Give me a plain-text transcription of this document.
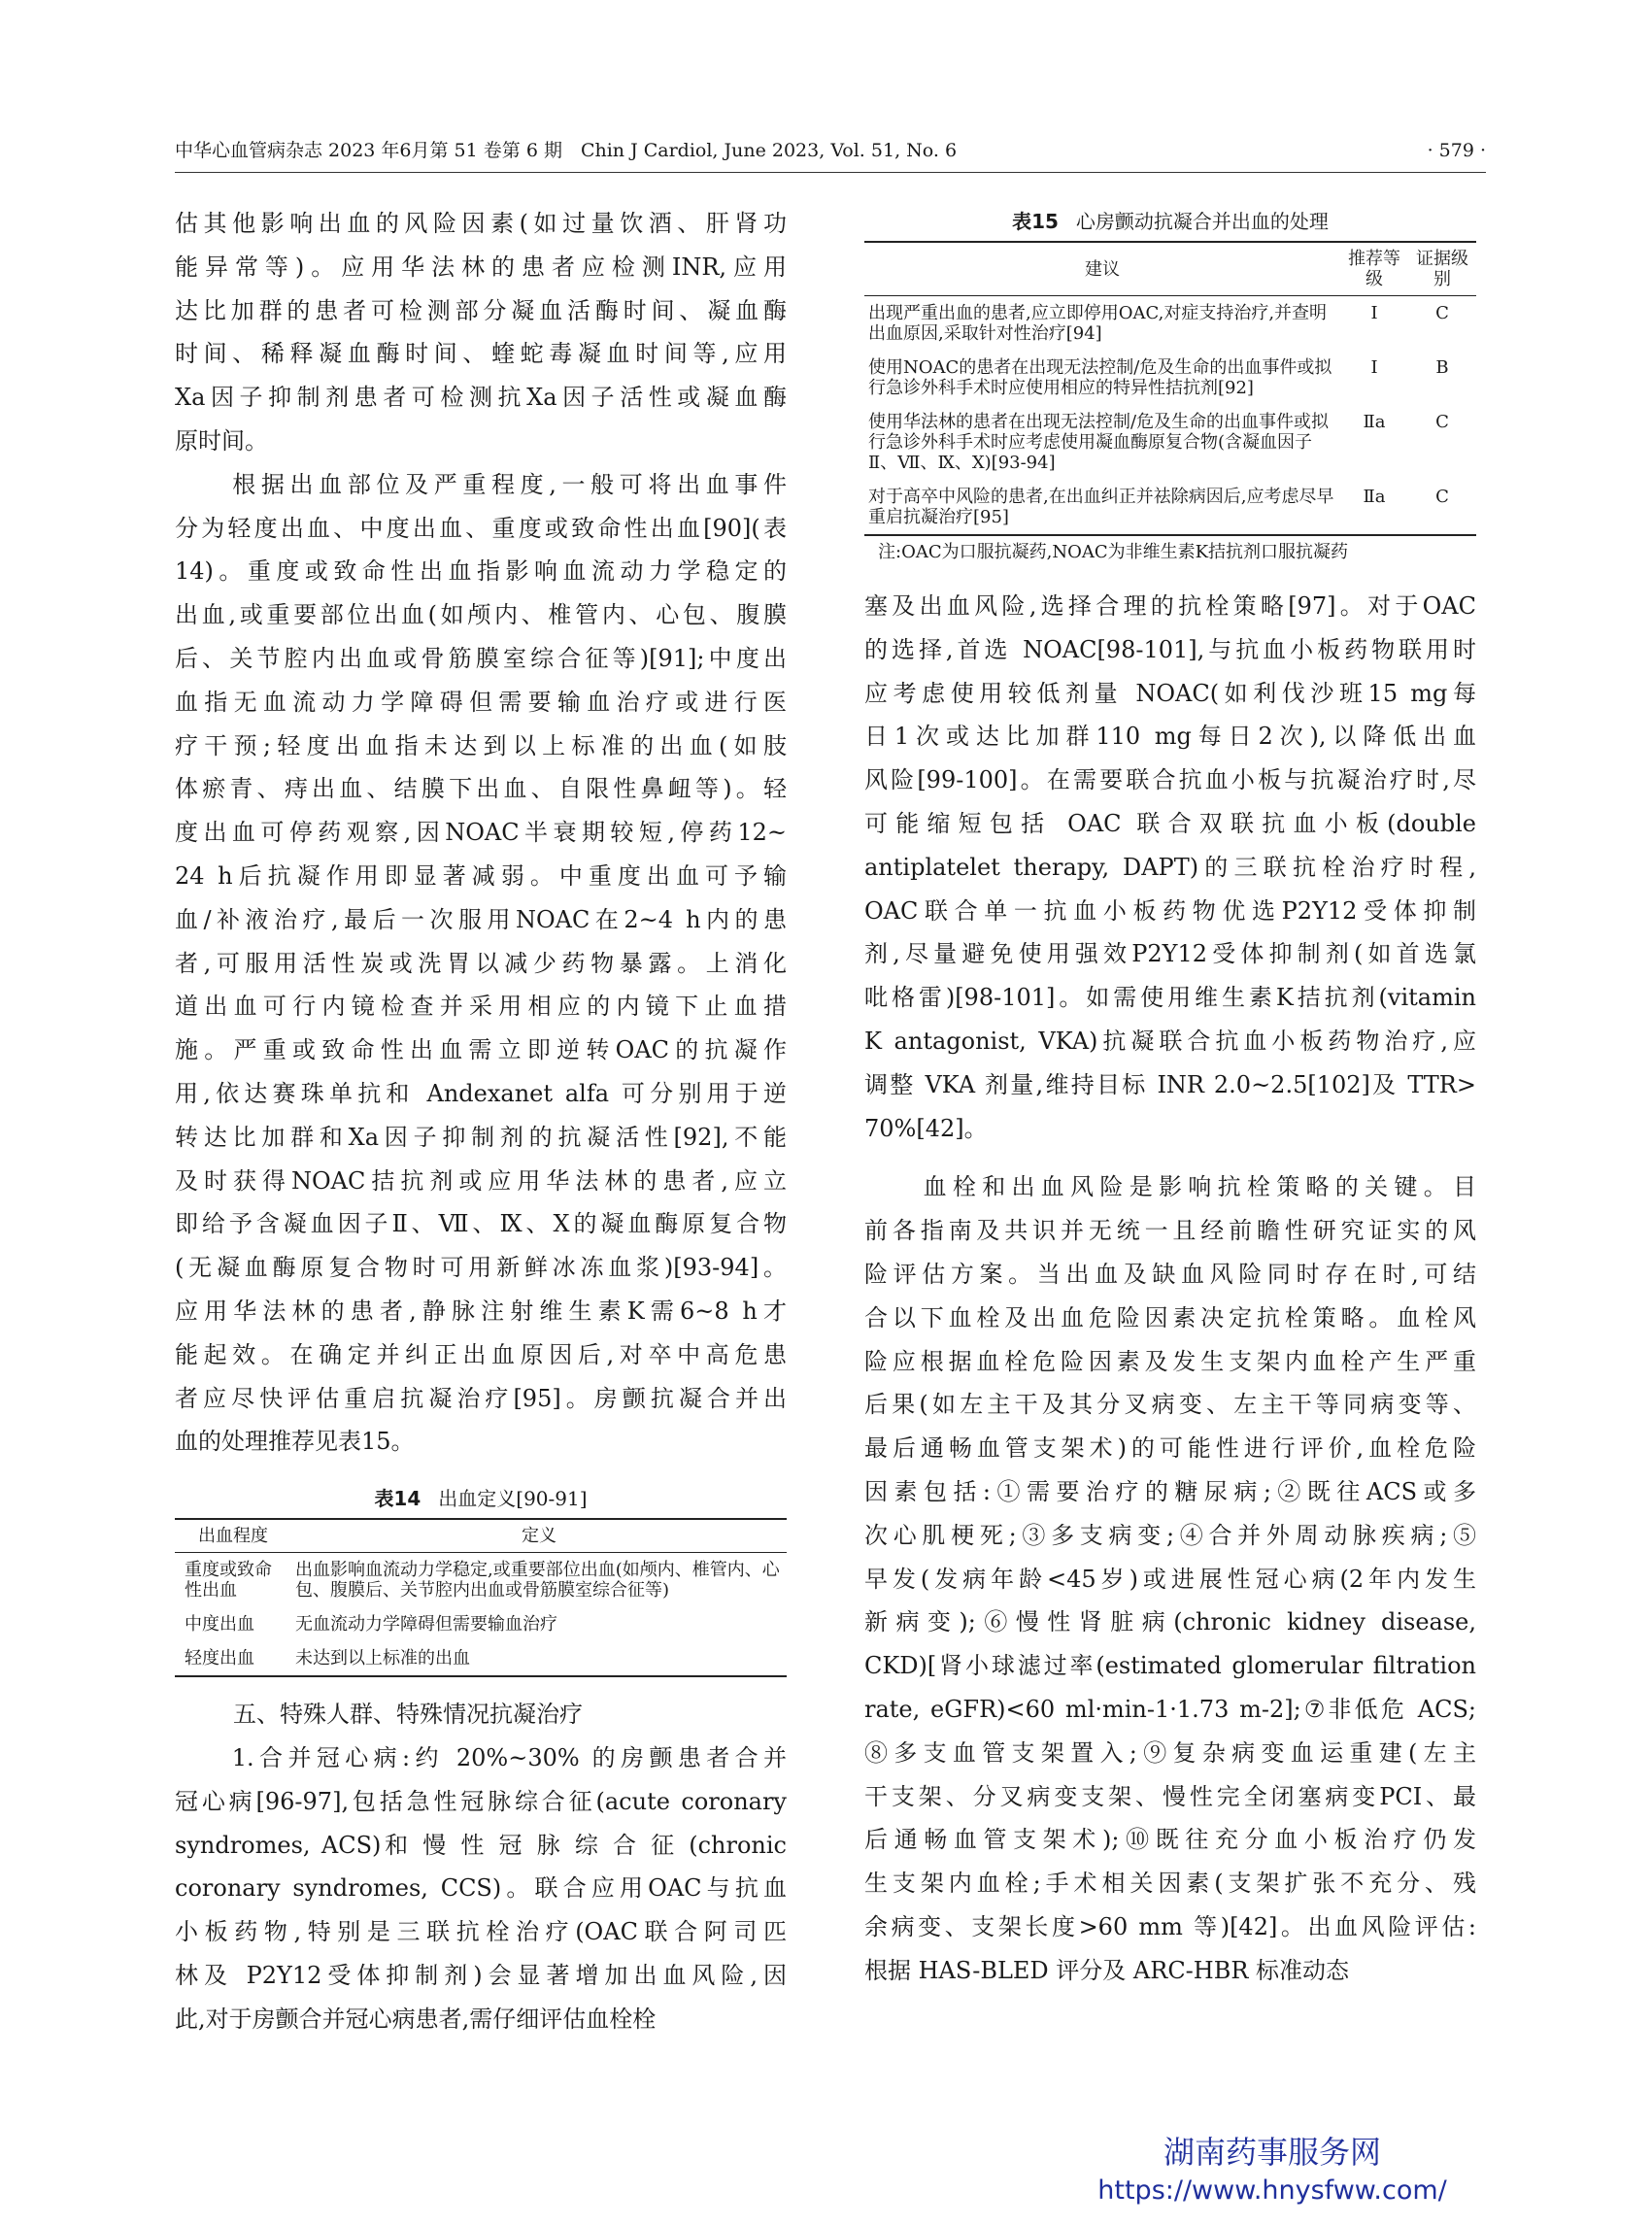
中华心血管病杂志 2023 年6月第 51 卷第 6 期　Chin J Cardiol, June 2023, Vol. 51, No. 6	· 579 ·
估其他影响出血的风险因素(如过量饮酒、肝肾功
能异常等)。应用华法林的患者应检测INR,应用
达比加群的患者可检测部分凝血活酶时间、凝血酶
时间、稀释凝血酶时间、蝰蛇毒凝血时间等,应用
Xa因子抑制剂患者可检测抗Xa因子活性或凝血酶
原时间。
　　根据出血部位及严重程度,一般可将出血事件
分为轻度出血、中度出血、重度或致命性出血[90](表
14)。重度或致命性出血指影响血流动力学稳定的
出血,或重要部位出血(如颅内、椎管内、心包、腹膜
后、关节腔内出血或骨筋膜室综合征等)[91];中度出
血指无血流动力学障碍但需要输血治疗或进行医
疗干预;轻度出血指未达到以上标准的出血(如肢
体瘀青、痔出血、结膜下出血、自限性鼻衄等)。轻
度出血可停药观察,因NOAC半衰期较短,停药12~
24 h后抗凝作用即显著减弱。中重度出血可予输
血/补液治疗,最后一次服用NOAC在2~4 h内的患
者,可服用活性炭或洗胃以减少药物暴露。上消化
道出血可行内镜检查并采用相应的内镜下止血措
施。严重或致命性出血需立即逆转OAC的抗凝作
用,依达赛珠单抗和 Andexanet alfa 可分别用于逆
转达比加群和Xa因子抑制剂的抗凝活性[92],不能
及时获得NOAC拮抗剂或应用华法林的患者,应立
即给予含凝血因子Ⅱ、Ⅶ、Ⅸ、Ⅹ的凝血酶原复合物
(无凝血酶原复合物时可用新鲜冰冻血浆)[93-94]。
应用华法林的患者,静脉注射维生素K需6~8 h才
能起效。在确定并纠正出血原因后,对卒中高危患
者应尽快评估重启抗凝治疗[95]。房颤抗凝合并出
血的处理推荐见表15。
表14 出血定义[90-91]
出血程度	定义
重度或致命性出血	出血影响血流动力学稳定,或重要部位出血(如颅内、椎管内、心包、腹膜后、关节腔内出血或骨筋膜室综合征等)
中度出血	无血流动力学障碍但需要输血治疗
轻度出血	未达到以上标准的出血
五、特殊人群、特殊情况抗凝治疗
　　1.合并冠心病:约 20%~30% 的房颤患者合并
冠心病[96-97],包括急性冠脉综合征(acute coronary
syndromes, ACS)和 慢 性 冠 脉 综 合 征 (chronic
coronary syndromes, CCS)。联合应用OAC与抗血
小板药物,特别是三联抗栓治疗(OAC联合阿司匹
林及 P2Y12受体抑制剂)会显著增加出血风险,因
此,对于房颤合并冠心病患者,需仔细评估血栓栓
表15 心房颤动抗凝合并出血的处理
建议	推荐等级	证据级别
出现严重出血的患者,应立即停用OAC,对症支持治疗,并查明出血原因,采取针对性治疗[94]	Ⅰ	C
使用NOAC的患者在出现无法控制/危及生命的出血事件或拟行急诊外科手术时应使用相应的特异性拮抗剂[92]	Ⅰ	B
使用华法林的患者在出现无法控制/危及生命的出血事件或拟行急诊外科手术时应考虑使用凝血酶原复合物(含凝血因子Ⅱ、Ⅶ、Ⅸ、Ⅹ)[93-94]	Ⅱa	C
对于高卒中风险的患者,在出血纠正并祛除病因后,应考虑尽早重启抗凝治疗[95]	Ⅱa	C
注:OAC为口服抗凝药,NOAC为非维生素K拮抗剂口服抗凝药
塞及出血风险,选择合理的抗栓策略[97]。对于OAC
的选择,首选 NOAC[98-101],与抗血小板药物联用时
应考虑使用较低剂量 NOAC(如利伐沙班15 mg每
日1次或达比加群110 mg每日2次),以降低出血
风险[99-100]。在需要联合抗血小板与抗凝治疗时,尽
可能缩短包括 OAC 联合双联抗血小板(double
antiplatelet therapy, DAPT)的三联抗栓治疗时程,
OAC联合单一抗血小板药物优选P2Y12受体抑制
剂,尽量避免使用强效P2Y12受体抑制剂(如首选氯
吡格雷)[98-101]。如需使用维生素K拮抗剂(vitamin
K antagonist, VKA)抗凝联合抗血小板药物治疗,应
调整 VKA 剂量,维持目标 INR 2.0~2.5[102]及 TTR>
70%[42]。
　　血栓和出血风险是影响抗栓策略的关键。目
前各指南及共识并无统一且经前瞻性研究证实的风
险评估方案。当出血及缺血风险同时存在时,可结
合以下血栓及出血危险因素决定抗栓策略。血栓风
险应根据血栓危险因素及发生支架内血栓产生严重
后果(如左主干及其分叉病变、左主干等同病变等、
最后通畅血管支架术)的可能性进行评价,血栓危险
因素包括:①需要治疗的糖尿病;②既往ACS或多
次心肌梗死;③多支病变;④合并外周动脉疾病;⑤
早发(发病年龄<45岁)或进展性冠心病(2年内发生
新病变);⑥慢性肾脏病(chronic kidney disease,
CKD)[肾小球滤过率(estimated glomerular filtration
rate, eGFR)<60 ml·min-1·1.73 m-2];⑦非低危 ACS;
⑧多支血管支架置入;⑨复杂病变血运重建(左主
干支架、分叉病变支架、慢性完全闭塞病变PCI、最
后通畅血管支架术);⑩既往充分血小板治疗仍发
生支架内血栓;手术相关因素(支架扩张不充分、残
余病变、支架长度>60 mm 等)[42]。出血风险评估:
根据 HAS-BLED 评分及 ARC-HBR 标准动态
湖南药事服务网
https://www.hnysfww.com/
